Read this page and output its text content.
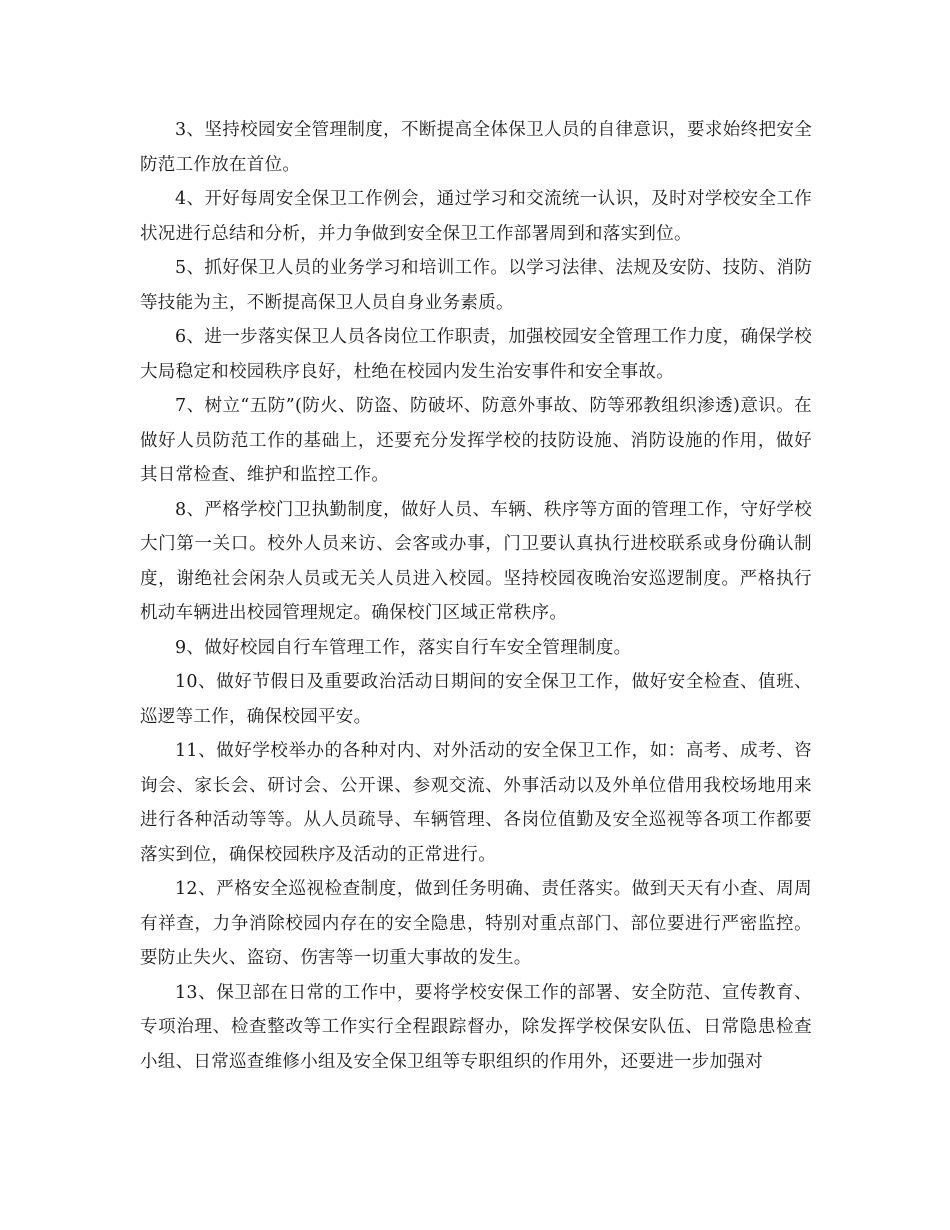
3、坚持校园安全管理制度，不断提高全体保卫人员的自律意识，要求始终把安全防范工作放在首位。

4、开好每周安全保卫工作例会，通过学习和交流统一认识，及时对学校安全工作状况进行总结和分析，并力争做到安全保卫工作部署周到和落实到位。

5、抓好保卫人员的业务学习和培训工作。以学习法律、法规及安防、技防、消防等技能为主，不断提高保卫人员自身业务素质。

6、进一步落实保卫人员各岗位工作职责，加强校园安全管理工作力度，确保学校大局稳定和校园秩序良好，杜绝在校园内发生治安事件和安全事故。

7、树立“五防”(防火、防盗、防破坏、防意外事故、防等邪教组织渗透)意识。在做好人员防范工作的基础上，还要充分发挥学校的技防设施、消防设施的作用，做好其日常检查、维护和监控工作。

8、严格学校门卫执勤制度，做好人员、车辆、秩序等方面的管理工作，守好学校大门第一关口。校外人员来访、会客或办事，门卫要认真执行进校联系或身份确认制度，谢绝社会闲杂人员或无关人员进入校园。坚持校园夜晚治安巡逻制度。严格执行机动车辆进出校园管理规定。确保校门区域正常秩序。

9、做好校园自行车管理工作，落实自行车安全管理制度。

10、做好节假日及重要政治活动日期间的安全保卫工作，做好安全检查、值班、巡逻等工作，确保校园平安。

11、做好学校举办的各种对内、对外活动的安全保卫工作，如：高考、成考、咨询会、家长会、研讨会、公开课、参观交流、外事活动以及外单位借用我校场地用来进行各种活动等等。从人员疏导、车辆管理、各岗位值勤及安全巡视等各项工作都要落实到位，确保校园秩序及活动的正常进行。

12、严格安全巡视检查制度，做到任务明确、责任落实。做到天天有小查、周周有祥查，力争消除校园内存在的安全隐患，特别对重点部门、部位要进行严密监控。要防止失火、盗窃、伤害等一切重大事故的发生。

13、保卫部在日常的工作中，要将学校安保工作的部署、安全防范、宣传教育、专项治理、检查整改等工作实行全程跟踪督办，除发挥学校保安队伍、日常隐患检查小组、日常巡查维修小组及安全保卫组等专职组织的作用外，还要进一步加强对
